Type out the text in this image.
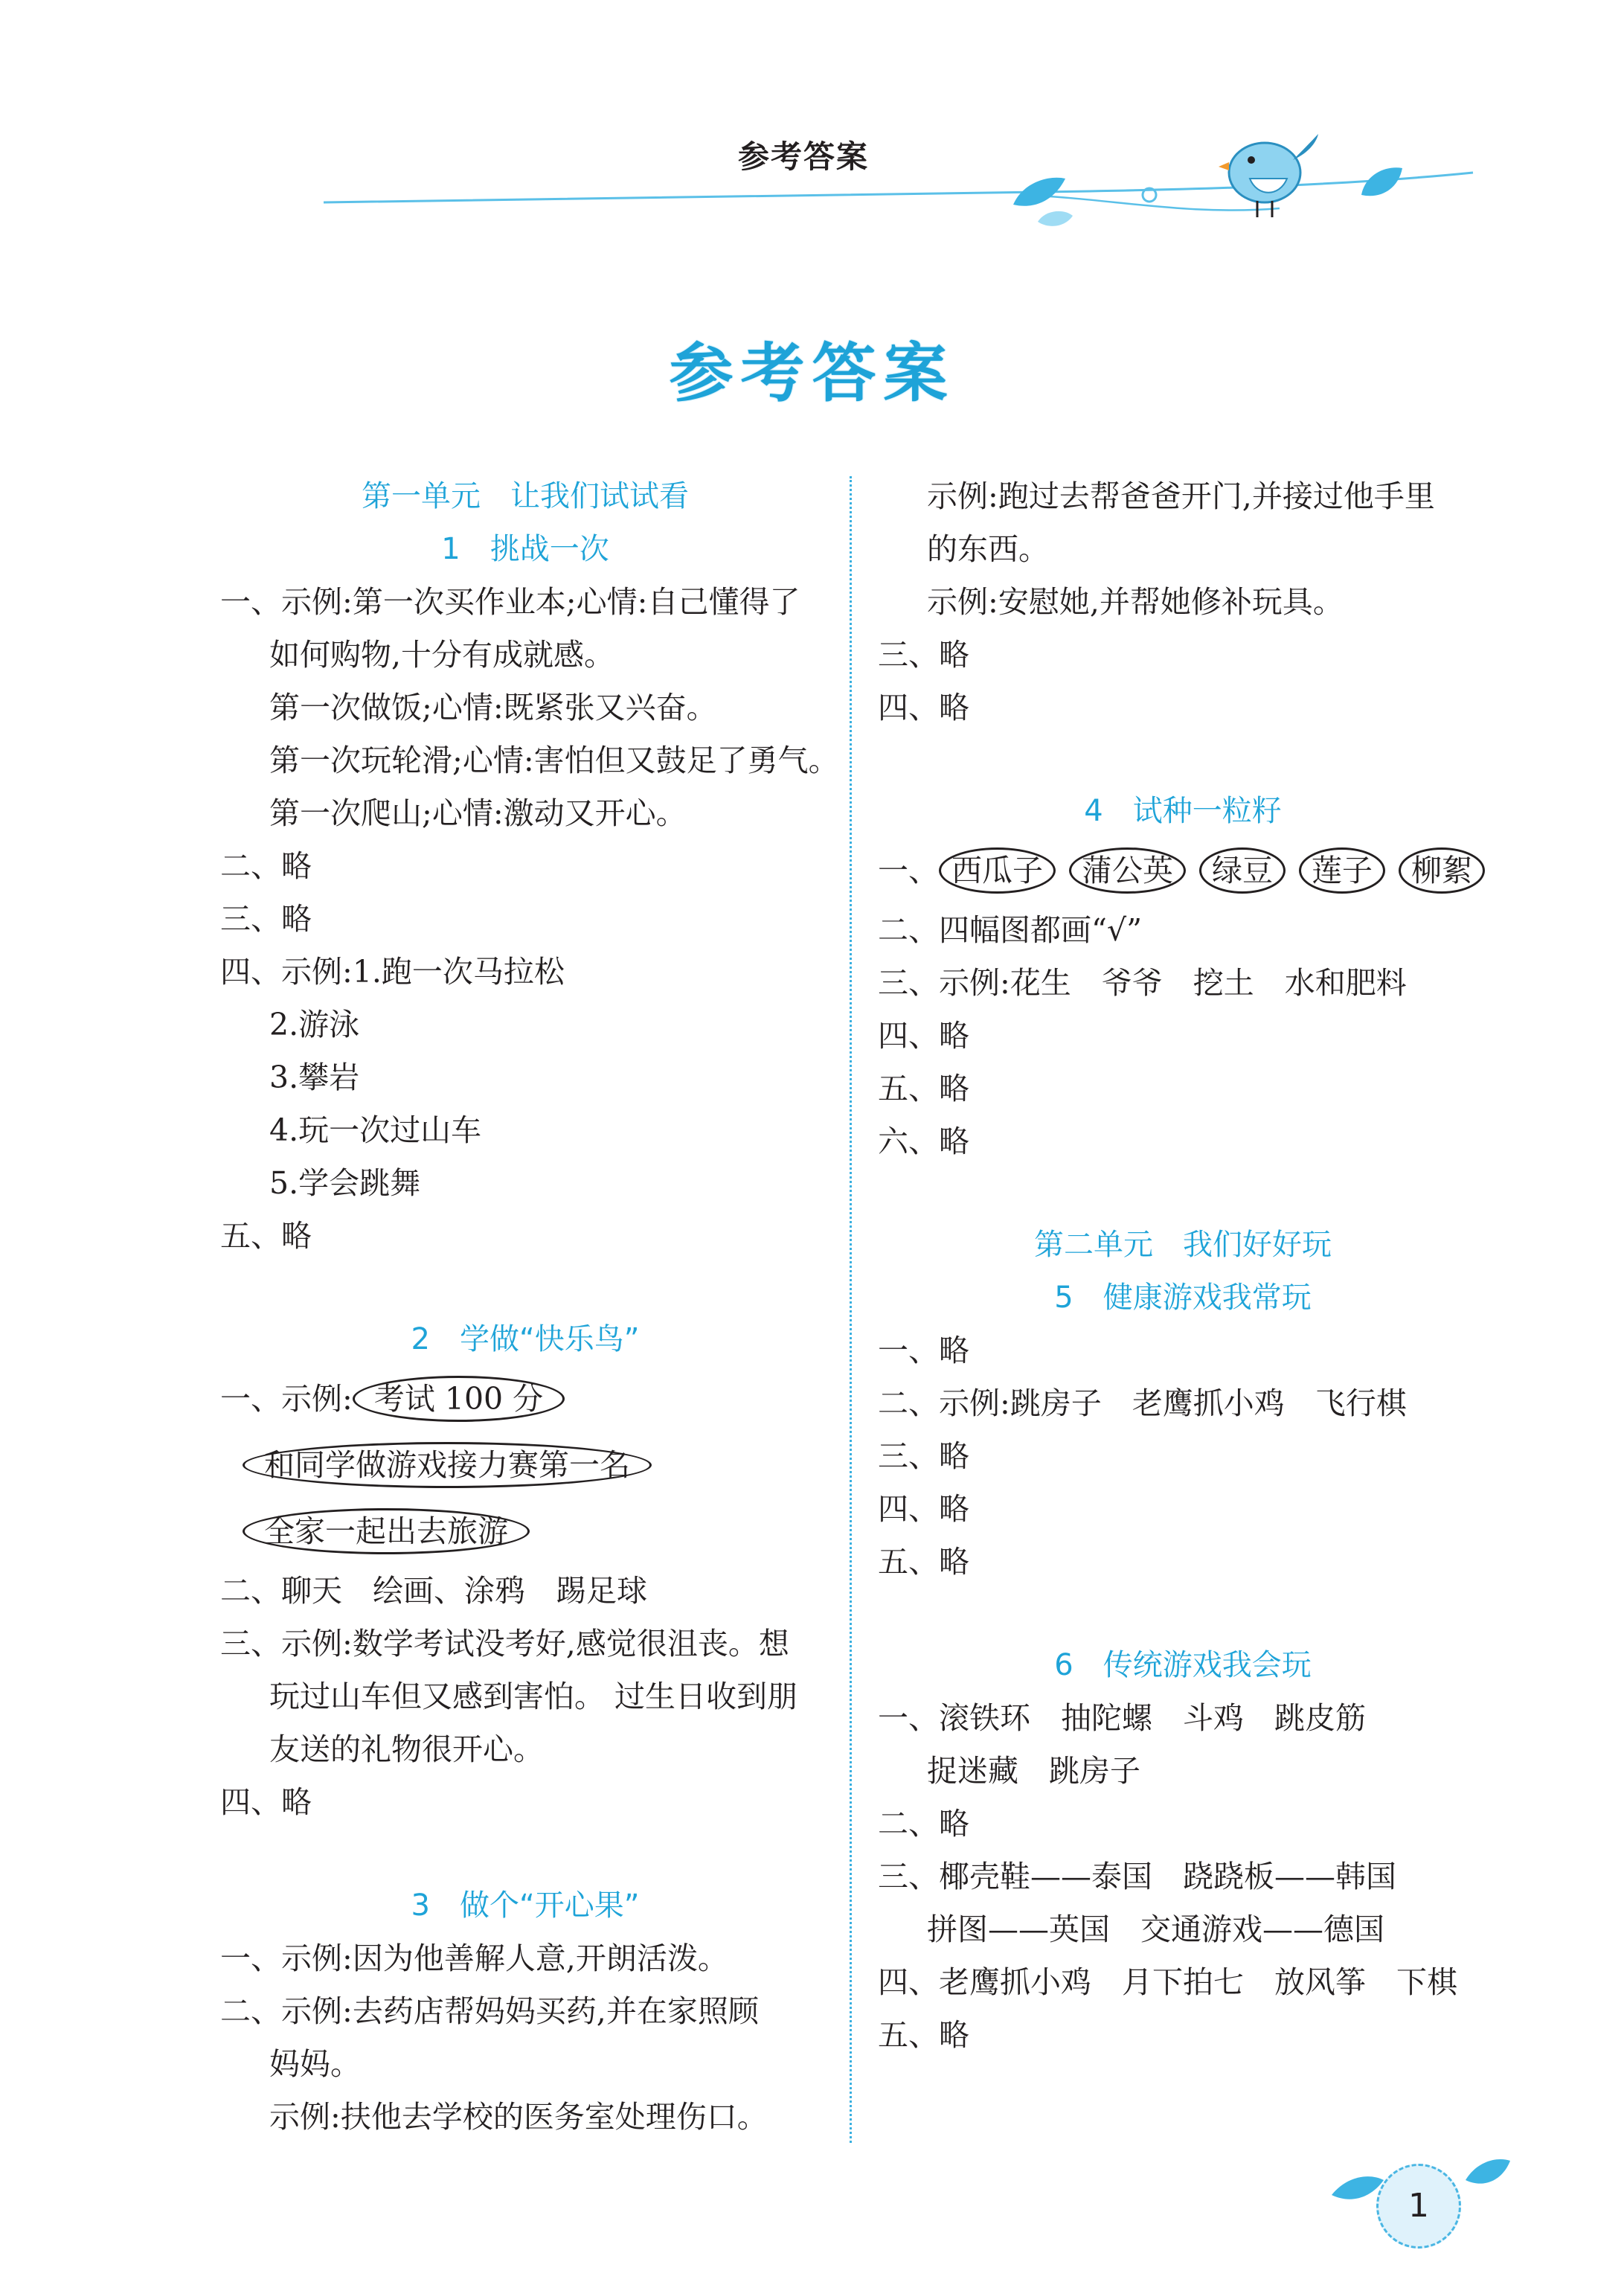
参考答案
参考答案
第一单元　让我们试试看
1　挑战一次
一、示例:第一次买作业本;心情:自己懂得了
如何购物,十分有成就感。
第一次做饭;心情:既紧张又兴奋。
第一次玩轮滑;心情:害怕但又鼓足了勇气。
第一次爬山;心情:激动又开心。
二、略
三、略
四、示例:1.跑一次马拉松
2.游泳
3.攀岩
4.玩一次过山车
5.学会跳舞
五、略
2　学做“快乐鸟”
一、示例: 考试 100 分
和同学做游戏接力赛第一名
全家一起出去旅游
二、聊天　绘画、涂鸦　踢足球
三、示例:数学考试没考好,感觉很沮丧。想
玩过山车但又感到害怕。 过生日收到朋
友送的礼物很开心。
四、略
3　做个“开心果”
一、示例:因为他善解人意,开朗活泼。
二、示例:去药店帮妈妈买药,并在家照顾
妈妈。
示例:扶他去学校的医务室处理伤口。
示例:跑过去帮爸爸开门,并接过他手里
的东西。
示例:安慰她,并帮她修补玩具。
三、略
四、略
4　试种一粒籽
一、 西瓜子 蒲公英 绿豆 莲子 柳絮
二、四幅图都画“√”
三、示例:花生　爷爷　挖土　水和肥料
四、略
五、略
六、略
第二单元　我们好好玩
5　健康游戏我常玩
一、略
二、示例:跳房子　老鹰抓小鸡　飞行棋
三、略
四、略
五、略
6　传统游戏我会玩
一、滚铁环　抽陀螺　斗鸡　跳皮筋
捉迷藏　跳房子
二、略
三、椰壳鞋——泰国　跷跷板——韩国
拼图——英国　交通游戏——德国
四、老鹰抓小鸡　月下拍七　放风筝　下棋
五、略
1
